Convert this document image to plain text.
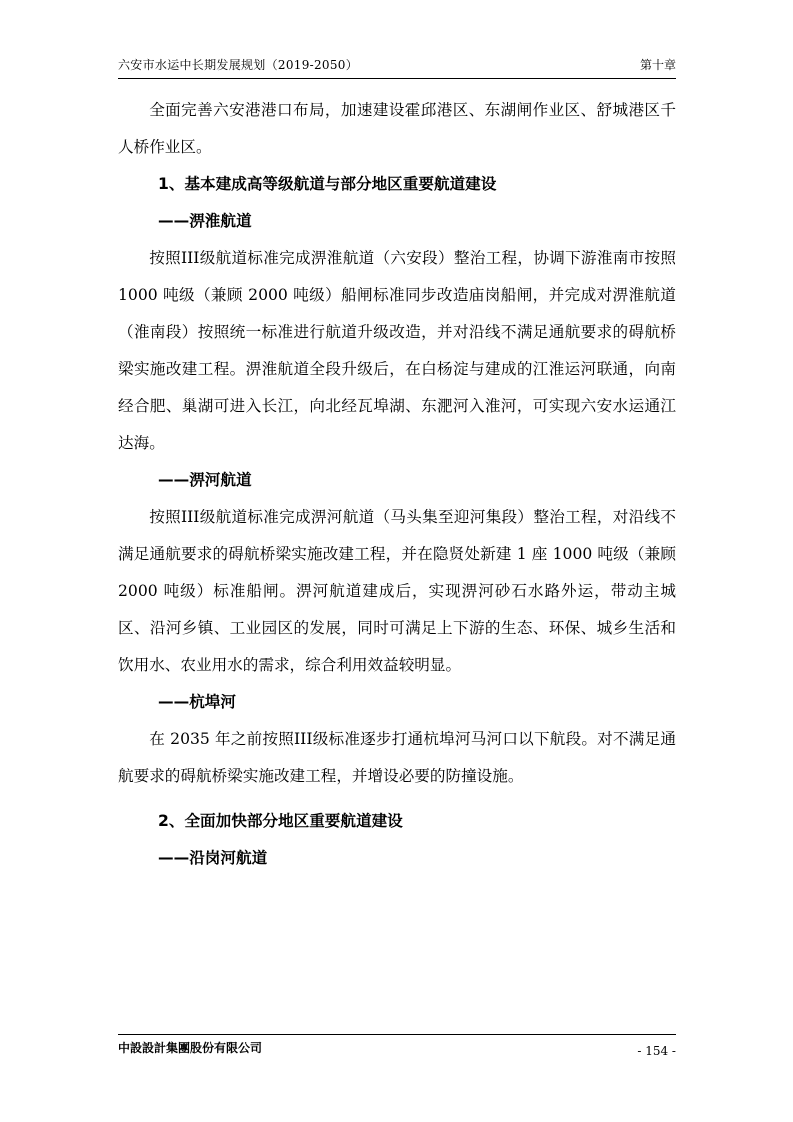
六安市水运中长期发展规划（2019-2050）	第十章

全面完善六安港港口布局，加速建设霍邱港区、东湖闸作业区、舒城港区千人桥作业区。

1、基本建成高等级航道与部分地区重要航道建设

——淠淮航道

按照III级航道标准完成淠淮航道（六安段）整治工程，协调下游淮南市按照 1000 吨级（兼顾 2000 吨级）船闸标准同步改造庙岗船闸，并完成对淠淮航道（淮南段）按照统一标准进行航道升级改造，并对沿线不满足通航要求的碍航桥梁实施改建工程。淠淮航道全段升级后，在白杨淀与建成的江淮运河联通，向南经合肥、巢湖可进入长江，向北经瓦埠湖、东淝河入淮河，可实现六安水运通江达海。

——淠河航道

按照III级航道标准完成淠河航道（马头集至迎河集段）整治工程，对沿线不满足通航要求的碍航桥梁实施改建工程，并在隐贤处新建 1 座 1000 吨级（兼顾 2000 吨级）标准船闸。淠河航道建成后，实现淠河砂石水路外运，带动主城区、沿河乡镇、工业园区的发展，同时可满足上下游的生态、环保、城乡生活和饮用水、农业用水的需求，综合利用效益较明显。

——杭埠河

在 2035 年之前按照III级标准逐步打通杭埠河马河口以下航段。对不满足通航要求的碍航桥梁实施改建工程，并增设必要的防撞设施。

2、全面加快部分地区重要航道建设

——沿岗河航道

中設設計集團股份有限公司	- 154 -
